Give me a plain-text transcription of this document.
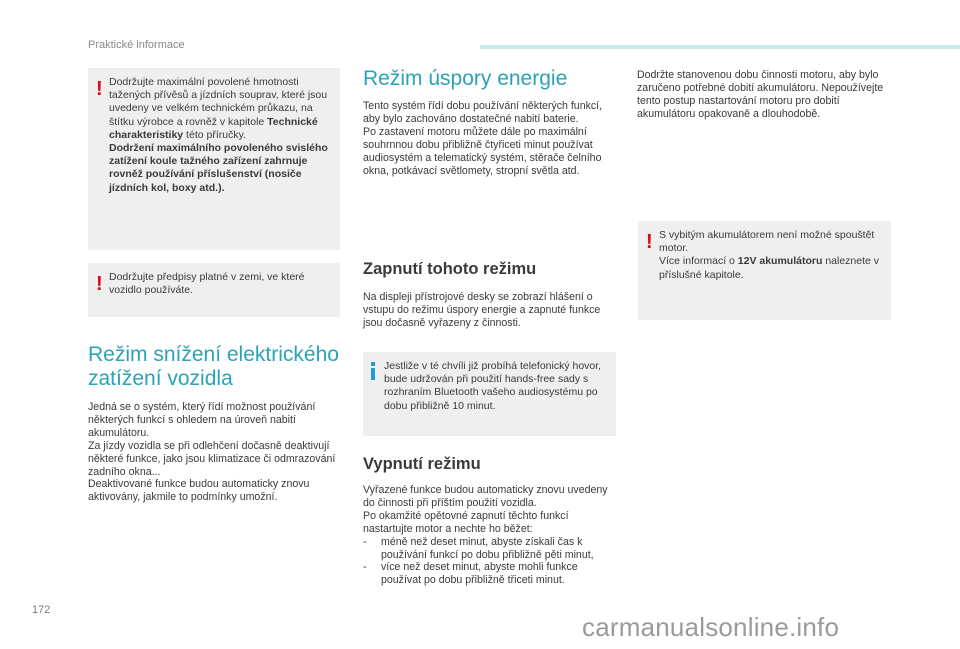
Praktické informace
! Dodržujte maximální povolené hmotnosti tažených přívěsů a jízdních souprav, které jsou uvedeny ve velkém technickém průkazu, na štítku výrobce a rovněž v kapitole Technické charakteristiky této příručky.

Dodržení maximálního povoleného svislého zatížení koule tažného zařízení zahrnuje rovněž používání příslušenství (nosiče jízdních kol, boxy atd.).

! Dodržujte předpisy platné v zemi, ve které vozidlo používáte.

Režim snížení elektrického
zatížení vozidla

Jedná se o systém, který řídí možnost používání některých funkcí s ohledem na úroveň nabití akumulátoru.

Za jízdy vozidla se při odlehčení dočasně deaktivují některé funkce, jako jsou klimatizace či odmrazování zadního okna...

Deaktivované funkce budou automaticky znovu aktivovány, jakmile to podmínky umožní.

Režim úspory energie

Tento systém řídí dobu používání některých funkcí, aby bylo zachováno dostatečné nabití baterie.

Po zastavení motoru můžete dále po maximální souhrnnou dobu přibližně čtyřiceti minut používat audiosystém a telematický systém, stěrače čelního okna, potkávací světlomety, stropní světla atd.

Zapnutí tohoto režimu

Na displeji přístrojové desky se zobrazí hlášení o vstupu do režimu úspory energie a zapnuté funkce jsou dočasně vyřazeny z činnosti.

Jestliže v té chvíli již probíhá telefonický hovor, bude udržován při použití hands-free sady s rozhraním Bluetooth vašeho audiosystému po dobu přibližně 10 minut.

Vypnutí režimu

Vyřazené funkce budou automaticky znovu uvedeny do činnosti při příštím použití vozidla.

Po okamžité opětovné zapnutí těchto funkcí nastartujte motor a nechte ho běžet:

-	méně než deset minut, abyste získali čas k používání funkcí po dobu přibližně pěti minut,
-	více než deset minut, abyste mohli funkce používat po dobu přibližně třiceti minut.

Dodržte stanovenou dobu činnosti motoru, aby bylo zaručeno potřebné dobití akumulátoru. Nepoužívejte tento postup nastartování motoru pro dobití akumulátoru opakovaně a dlouhodobě.

! S vybitým akumulátorem není možné spouštět motor.

Více informací o 12V akumulátoru naleznete v příslušné kapitole.

172
carmanualsonline.info
